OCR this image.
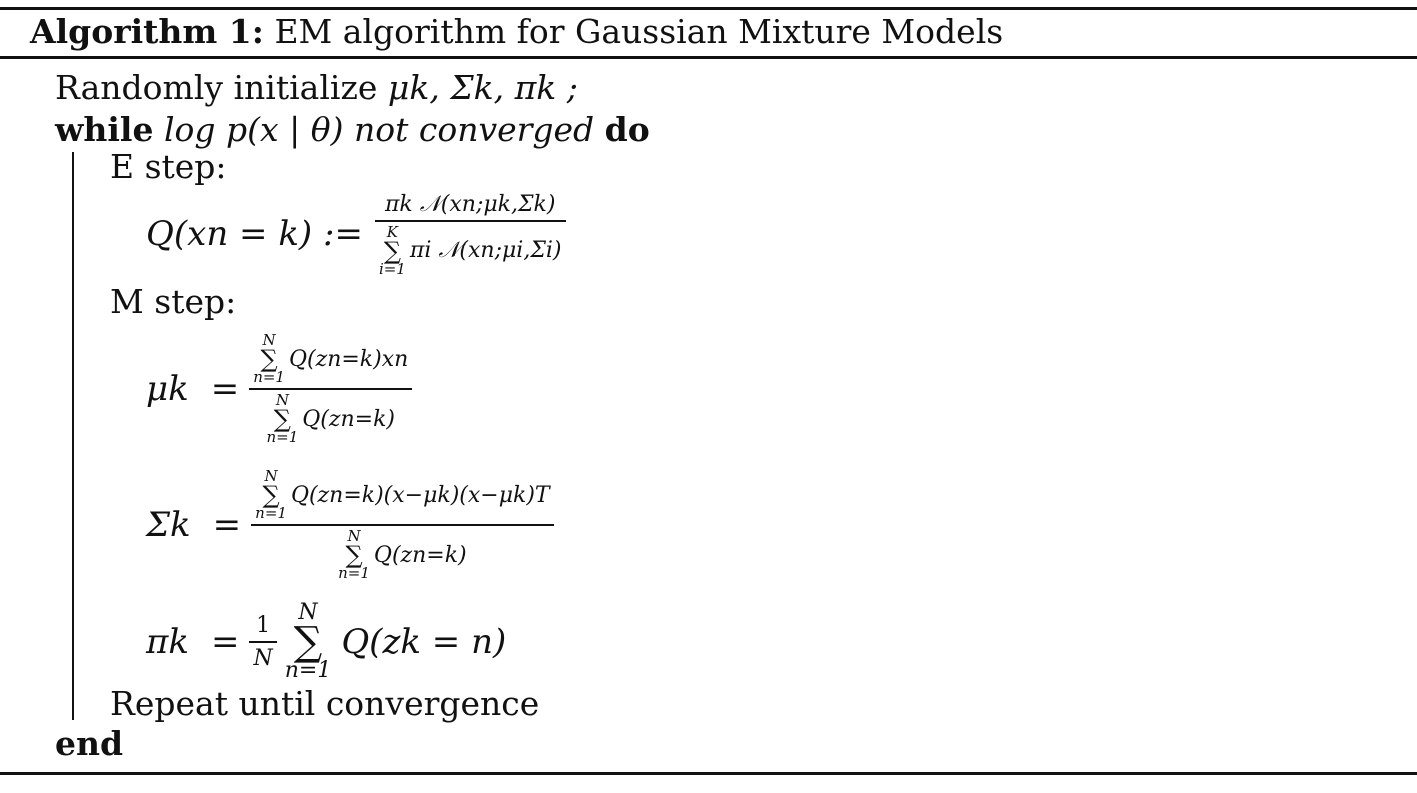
Algorithm 1: EM algorithm for Gaussian Mixture Models
Randomly initialize μk, Σk, πk ;
while log p(x | θ) not converged do
E step:
Q(xn = k) := πk 𝒩(xn;μk,Σk)
K
∑
i=1
πi 𝒩(xn;μi,Σi)
M step:
μk = N
∑
n=1
Q(zn=k)xn
N
∑
n=1
Q(zn=k)
Σk = N
∑
n=1
Q(zn=k)(x−μk)(x−μk)T
N
∑
n=1
Q(zn=k)
$\pi k = \frac{1}{N}$
N
∑
n=1
Q(zk = n)
Repeat until convergence
end
